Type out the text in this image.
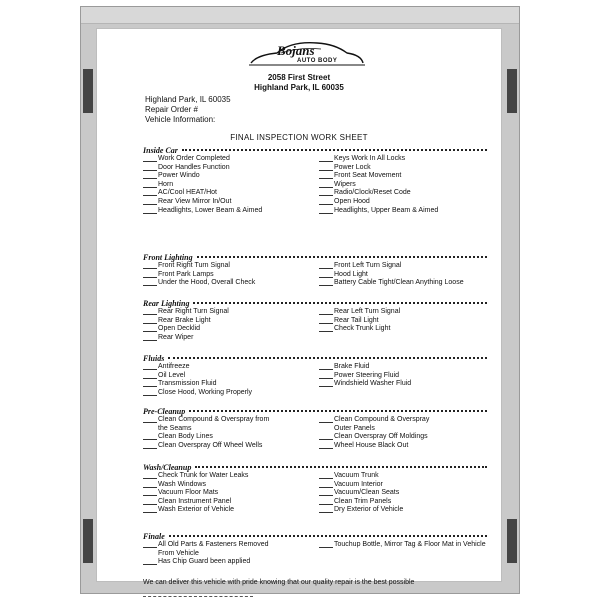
Bojans
AUTO BODY
2058 First Street
Highland Park, IL 60035
Highland Park, IL 60035
Repair Order #
Vehicle Information:
FINAL INSPECTION WORK SHEET
Inside Car
Work Order Completed
Door Handles Function
Power Windo
Horn
AC/Cool HEAT/Hot
Rear View Mirror In/Out
Headlights, Lower Beam & Aimed
Keys Work In All Locks
Power Lock
Front Seat Movement
Wipers
Radio/Clock/Reset Code
Open Hood
Headlights, Upper Beam & Aimed
Front Lighting
Front Right Turn Signal
Front Park Lamps
Under the Hood, Overall Check
Front Left Turn Signal
Hood Light
Battery Cable Tight/Clean Anything Loose
Rear Lighting
Rear Right Turn Signal
Rear Brake Light
Open Decklid
Rear Wiper
Rear Left Turn Signal
Rear Tail Light
Check Trunk Light
Fluids
Antifreeze
Oil Level
Transmission Fluid
Close Hood, Working Properly
Brake Fluid
Power Steering Fluid
Windshield Washer Fluid
Pre-Cleanup
Clean Compound & Overspray from
the Seams
Clean Body Lines
Clean Overspray Off Wheel Wells
Clean Compound & Overspray
Outer Panels
Clean Overspray Off Moldings
Wheel House Black Out
Wash/Cleanup
Check Trunk for Water Leaks
Wash Windows
Vacuum Floor Mats
Clean Instrument Panel
Wash Exterior of Vehicle
Vacuum Trunk
Vacuum Interior
Vacuum/Clean Seats
Clean Trim Panels
Dry Exterior of Vehicle
Finale
All Old Parts & Fasteners Removed
From Vehicle
Has Chip Guard been applied
Touchup Bottle, Mirror Tag & Floor Mat in Vehicle
We can deliver this vehicle with pride knowing that our quality repair is the best possible
